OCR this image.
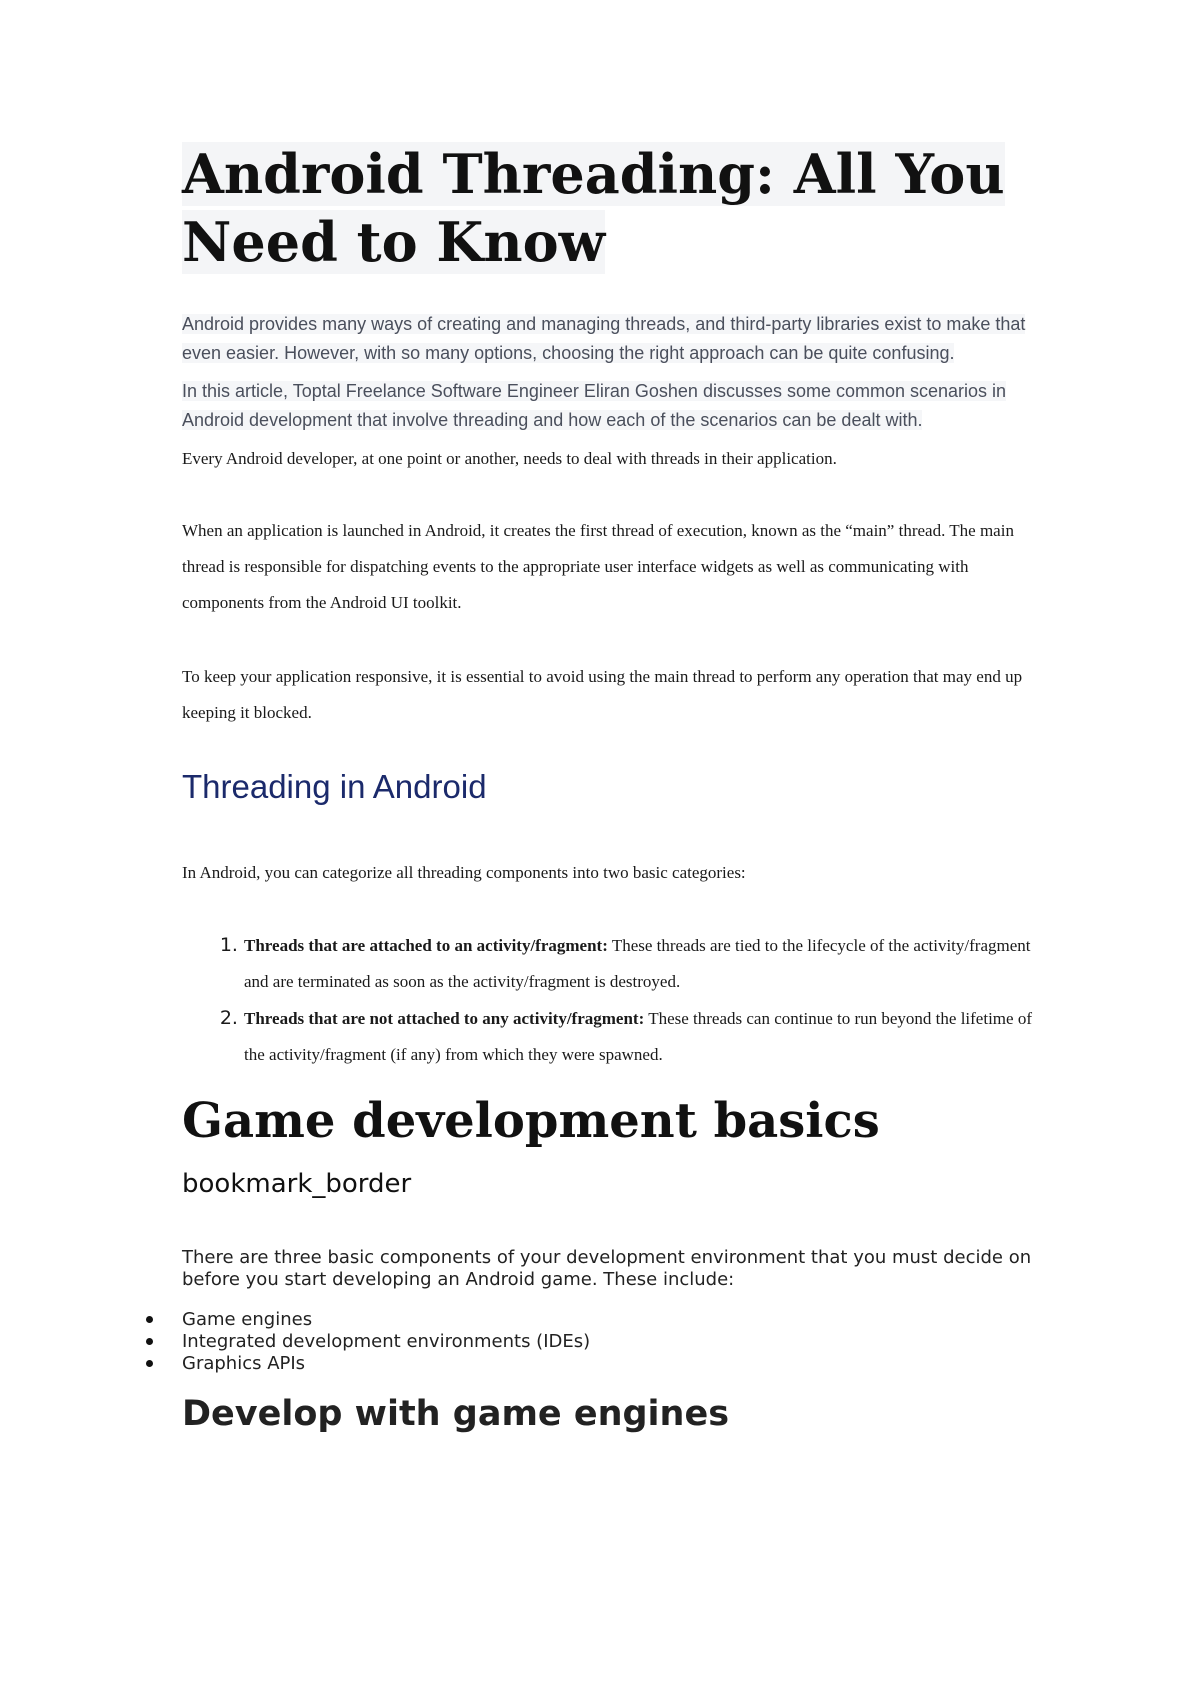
Android Threading: All You
Need to Know

Android provides many ways of creating and managing threads, and third-party libraries exist to make that even easier. However, with so many options, choosing the right approach can be quite confusing.

In this article, Toptal Freelance Software Engineer Eliran Goshen discusses some common scenarios in Android development that involve threading and how each of the scenarios can be dealt with.

Every Android developer, at one point or another, needs to deal with threads in their application.

When an application is launched in Android, it creates the first thread of execution, known as the “main” thread. The main thread is responsible for dispatching events to the appropriate user interface widgets as well as communicating with components from the Android UI toolkit.

To keep your application responsive, it is essential to avoid using the main thread to perform any operation that may end up keeping it blocked.

Threading in Android

In Android, you can categorize all threading components into two basic categories:

1. Threads that are attached to an activity/fragment: These threads are tied to the lifecycle of the activity/fragment and are terminated as soon as the activity/fragment is destroyed.
2. Threads that are not attached to any activity/fragment: These threads can continue to run beyond the lifetime of the activity/fragment (if any) from which they were spawned.
Game development basics
bookmark_border

There are three basic components of your development environment that you must decide on before you start developing an Android game. These include:

Game engines
Integrated development environments (IDEs)
Graphics APIs
Develop with game engines
